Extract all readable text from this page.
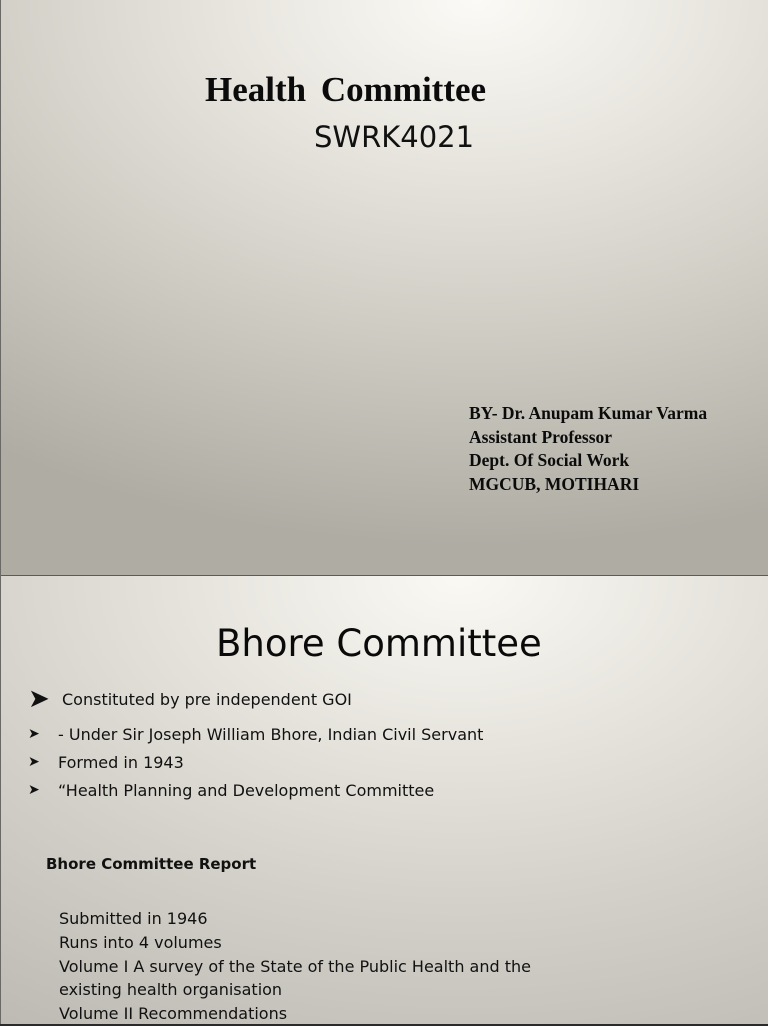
Health Committee
SWRK4021
BY- Dr. Anupam Kumar Varma
Assistant Professor
Dept. Of Social Work
MGCUB, MOTIHARI
Bhore Committee
➤ Constituted by pre independent GOI
➤	- Under Sir Joseph William Bhore, Indian Civil Servant
➤	Formed in 1943
➤	“Health Planning and Development Committee
Bhore Committee Report
Submitted in 1946
Runs into 4 volumes
Volume I A survey of the State of the Public Health and the
existing health organisation
Volume II Recommendations
